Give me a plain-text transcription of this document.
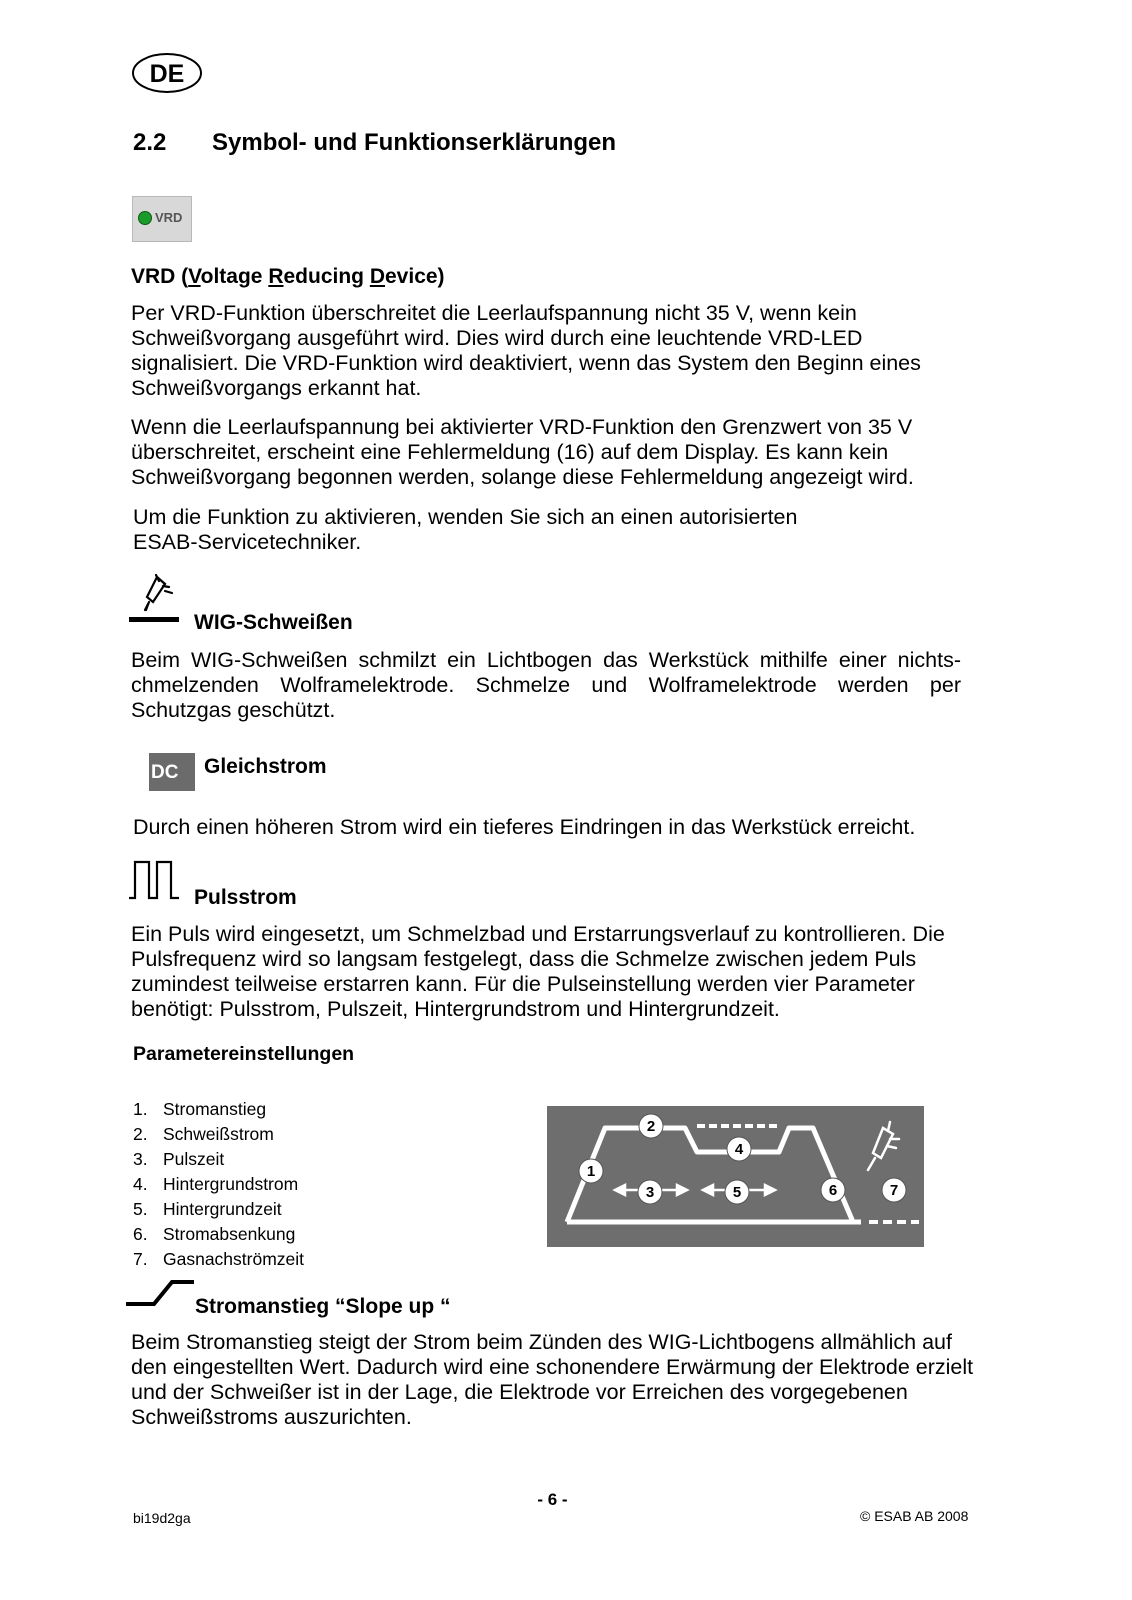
DE
2.2 Symbol- und Funktionserklärungen
VRD
VRD (Voltage Reducing Device)

Per VRD-Funktion überschreitet die Leerlaufspannung nicht 35 V, wenn kein Schweißvorgang ausgeführt wird. Dies wird durch eine leuchtende VRD-LED signalisiert. Die VRD-Funktion wird deaktiviert, wenn das System den Beginn eines Schweißvorgangs erkannt hat.

Wenn die Leerlaufspannung bei aktivierter VRD-Funktion den Grenzwert von 35 V überschreitet, erscheint eine Fehlermeldung (16) auf dem Display. Es kann kein Schweißvorgang begonnen werden, solange diese Fehlermeldung angezeigt wird.

Um die Funktion zu aktivieren, wenden Sie sich an einen autorisierten ESAB-Servicetechniker.

WIG-Schweißen

Beim WIG-Schweißen schmilzt ein Lichtbogen das Werkstück mithilfe einer nichts-chmelzenden Wolframelektrode. Schmelze und Wolframelektrode werden per Schutzgas geschützt.

DC Gleichstrom

Durch einen höheren Strom wird ein tieferes Eindringen in das Werkstück erreicht.

Pulsstrom

Ein Puls wird eingesetzt, um Schmelzbad und Erstarrungsverlauf zu kontrollieren. Die Pulsfrequenz wird so langsam festgelegt, dass die Schmelze zwischen jedem Puls zumindest teilweise erstarren kann. Für die Pulseinstellung werden vier Parameter benötigt: Pulsstrom, Pulszeit, Hintergrundstrom und Hintergrundzeit.

Parametereinstellungen
1. Stromanstieg
2. Schweißstrom
3. Pulszeit
4. Hintergrundstrom
5. Hintergrundzeit
6. Stromabsenkung
7. Gasnachströmzeit
1
2
3
4
5	6	7
Stromanstieg “Slope up “

Beim Stromanstieg steigt der Strom beim Zünden des WIG-Lichtbogens allmählich auf den eingestellten Wert. Dadurch wird eine schonendere Erwärmung der Elektrode erzielt und der Schweißer ist in der Lage, die Elektrode vor Erreichen des vorgegebenen Schweißstroms auszurichten.

- 6 -
bi19d2ga	© ESAB AB 2008
